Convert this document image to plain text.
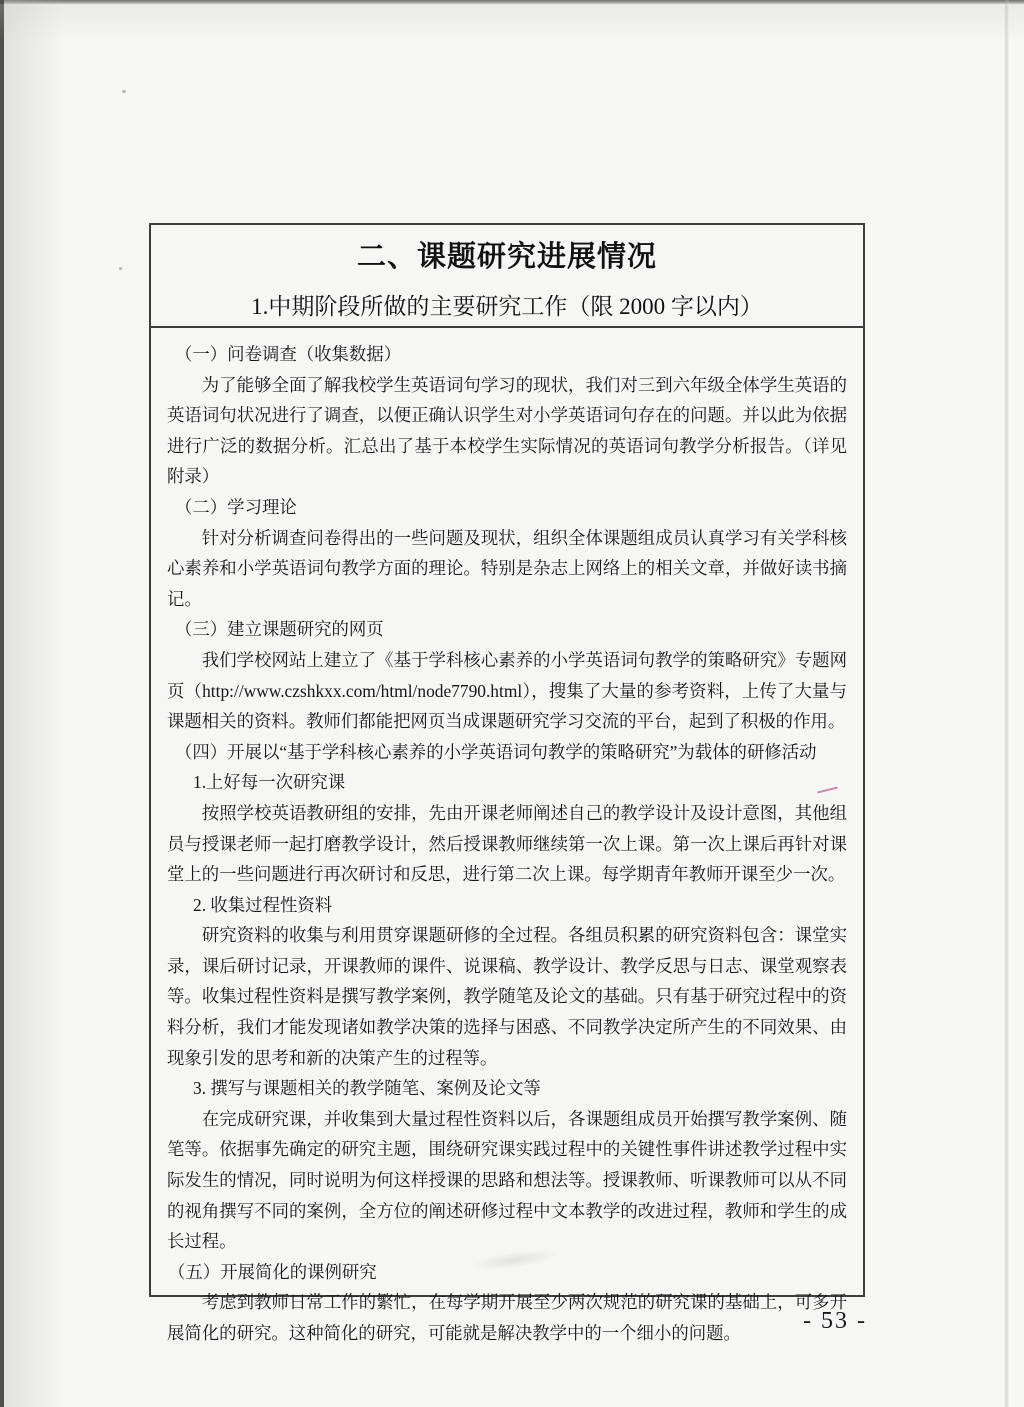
二、课题研究进展情况
1.中期阶段所做的主要研究工作（限 2000 字以内）

（一）问卷调查（收集数据）

为了能够全面了解我校学生英语词句学习的现状，我们对三到六年级全体学生英语的英语词句状况进行了调查，以便正确认识学生对小学英语词句存在的问题。并以此为依据进行广泛的数据分析。汇总出了基于本校学生实际情况的英语词句教学分析报告。（详见附录）

（二）学习理论

针对分析调查问卷得出的一些问题及现状，组织全体课题组成员认真学习有关学科核心素养和小学英语词句教学方面的理论。特别是杂志上网络上的相关文章，并做好读书摘记。

（三）建立课题研究的网页

我们学校网站上建立了《基于学科核心素养的小学英语词句教学的策略研究》专题网页（http://www.czshkxx.com/html/node7790.html），搜集了大量的参考资料，上传了大量与课题相关的资料。教师们都能把网页当成课题研究学习交流的平台，起到了积极的作用。

（四）开展以“基于学科核心素养的小学英语词句教学的策略研究”为载体的研修活动

1.上好每一次研究课

按照学校英语教研组的安排，先由开课老师阐述自己的教学设计及设计意图，其他组员与授课老师一起打磨教学设计，然后授课教师继续第一次上课。第一次上课后再针对课堂上的一些问题进行再次研讨和反思，进行第二次上课。每学期青年教师开课至少一次。

2. 收集过程性资料

研究资料的收集与利用贯穿课题研修的全过程。各组员积累的研究资料包含：课堂实录，课后研讨记录，开课教师的课件、说课稿、教学设计、教学反思与日志、课堂观察表等。收集过程性资料是撰写教学案例，教学随笔及论文的基础。只有基于研究过程中的资料分析，我们才能发现诸如教学决策的选择与困惑、不同教学决定所产生的不同效果、由现象引发的思考和新的决策产生的过程等。

3. 撰写与课题相关的教学随笔、案例及论文等

在完成研究课，并收集到大量过程性资料以后，各课题组成员开始撰写教学案例、随笔等。依据事先确定的研究主题，围绕研究课实践过程中的关键性事件讲述教学过程中实际发生的情况，同时说明为何这样授课的思路和想法等。授课教师、听课教师可以从不同的视角撰写不同的案例，全方位的阐述研修过程中文本教学的改进过程，教师和学生的成长过程。

（五）开展简化的课例研究

考虑到教师日常工作的繁忙，在每学期开展至少两次规范的研究课的基础上，可多开展简化的研究。这种简化的研究，可能就是解决教学中的一个细小的问题。	- 53 -
